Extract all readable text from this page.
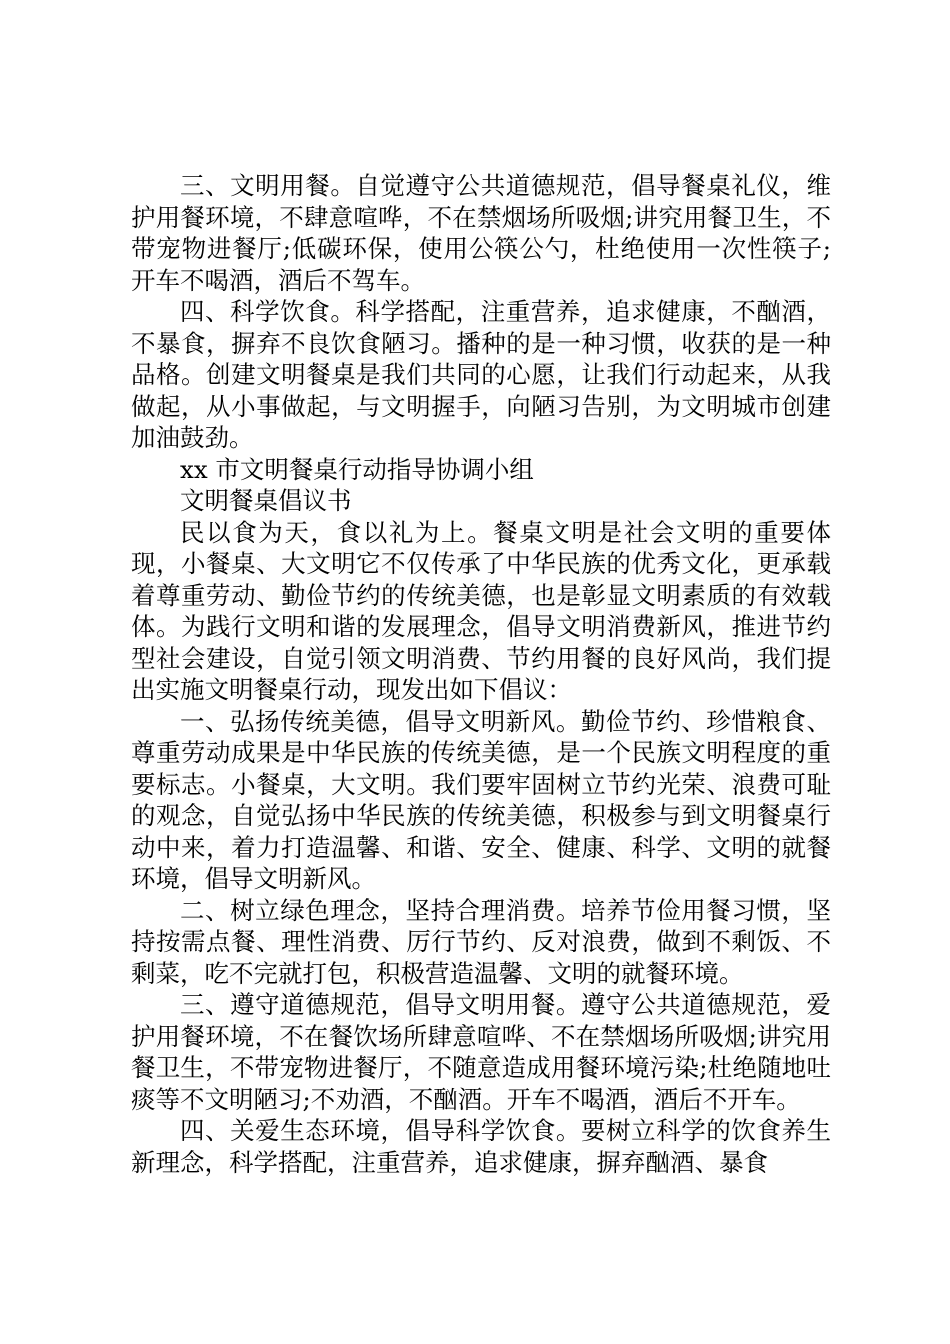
三、文明用餐。自觉遵守公共道德规范，倡导餐桌礼仪，维护用餐环境，不肆意喧哗，不在禁烟场所吸烟;讲究用餐卫生，不带宠物进餐厅;低碳环保，使用公筷公勺，杜绝使用一次性筷子;开车不喝酒，酒后不驾车。

四、科学饮食。科学搭配，注重营养，追求健康，不酗酒，不暴食，摒弃不良饮食陋习。播种的是一种习惯，收获的是一种品格。创建文明餐桌是我们共同的心愿，让我们行动起来，从我做起，从小事做起，与文明握手，向陋习告别，为文明城市创建加油鼓劲。

xx 市文明餐桌行动指导协调小组

文明餐桌倡议书

民以食为天，食以礼为上。餐桌文明是社会文明的重要体现，小餐桌、大文明它不仅传承了中华民族的优秀文化，更承载着尊重劳动、勤俭节约的传统美德，也是彰显文明素质的有效载体。为践行文明和谐的发展理念，倡导文明消费新风，推进节约型社会建设，自觉引领文明消费、节约用餐的良好风尚，我们提出实施文明餐桌行动，现发出如下倡议：

一、弘扬传统美德，倡导文明新风。勤俭节约、珍惜粮食、尊重劳动成果是中华民族的传统美德，是一个民族文明程度的重要标志。小餐桌，大文明。我们要牢固树立节约光荣、浪费可耻的观念，自觉弘扬中华民族的传统美德，积极参与到文明餐桌行动中来，着力打造温馨、和谐、安全、健康、科学、文明的就餐环境，倡导文明新风。

二、树立绿色理念，坚持合理消费。培养节俭用餐习惯，坚持按需点餐、理性消费、厉行节约、反对浪费，做到不剩饭、不剩菜，吃不完就打包，积极营造温馨、文明的就餐环境。

三、遵守道德规范，倡导文明用餐。遵守公共道德规范，爱护用餐环境，不在餐饮场所肆意喧哗、不在禁烟场所吸烟;讲究用餐卫生，不带宠物进餐厅，不随意造成用餐环境污染;杜绝随地吐痰等不文明陋习;不劝酒，不酗酒。开车不喝酒，酒后不开车。

四、关爱生态环境，倡导科学饮食。要树立科学的饮食养生新理念，科学搭配，注重营养，追求健康，摒弃酗酒、暴食
